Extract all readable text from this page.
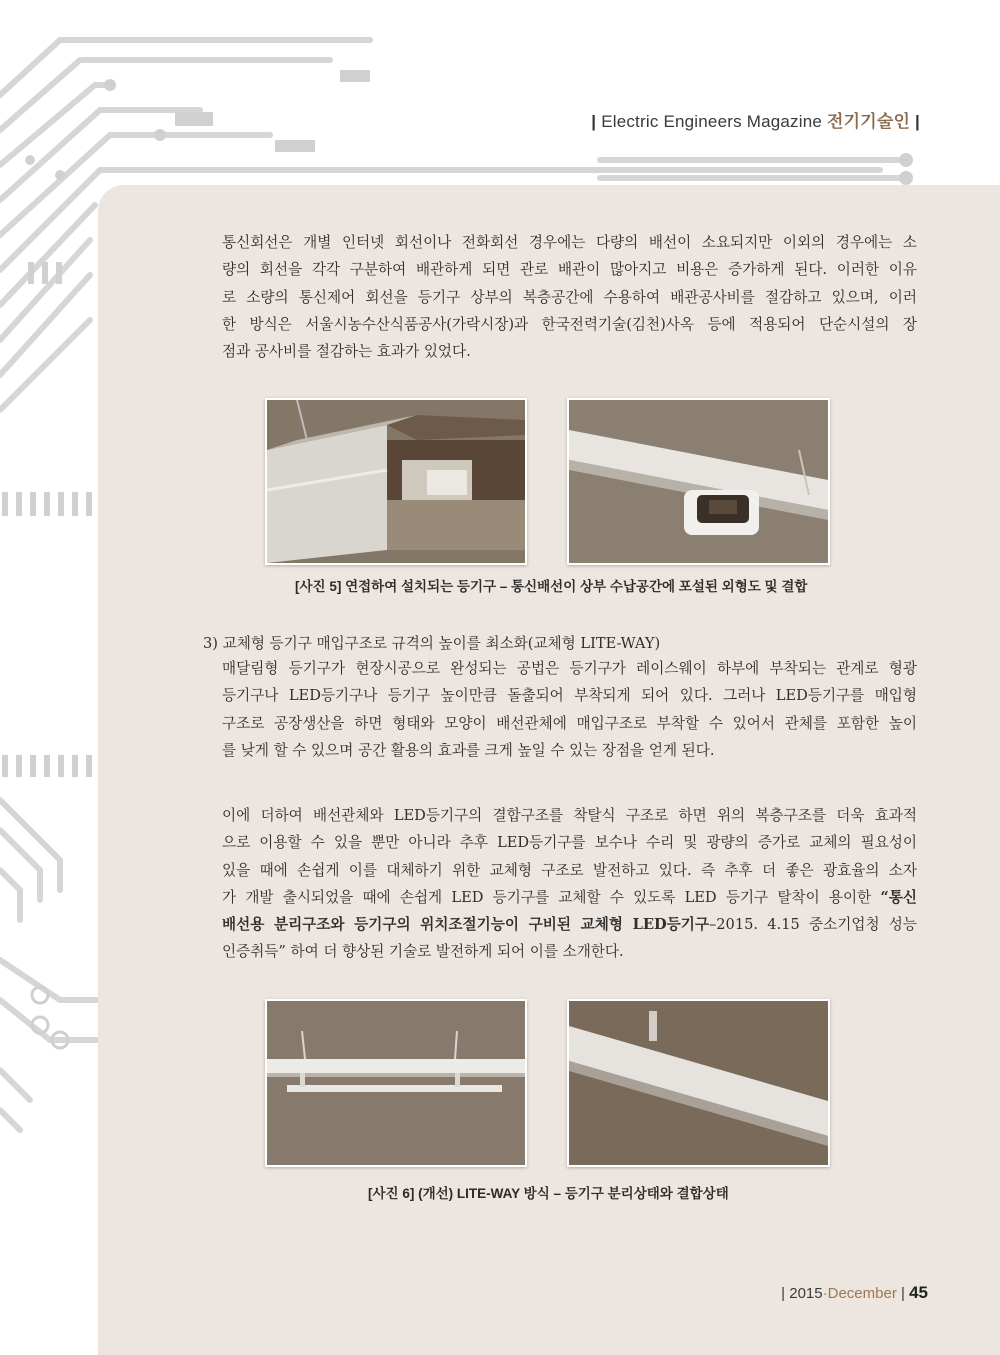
| Electric Engineers Magazine 전기기술인 |
통신회선은 개별 인터넷 회선이나 전화회선 경우에는 다량의 배선이 소요되지만 이외의 경우에는 소
량의 회선을 각각 구분하여 배관하게 되면 관로 배관이 많아지고 비용은 증가하게 된다. 이러한 이유
로 소량의 통신제어 회선을 등기구 상부의 복층공간에 수용하여 배관공사비를 절감하고 있으며, 이러
한 방식은 서울시농수산식품공사(가락시장)과 한국전력기술(김천)사옥 등에 적용되어 단순시설의 장
점과 공사비를 절감하는 효과가 있었다.
[사진 5] 연접하여 설치되는 등기구 – 통신배선이 상부 수납공간에 포설된 외형도 및 결합
3) 교체형 등기구 매입구조로 규격의 높이를 최소화(교체형 LITE-WAY)
매달림형 등기구가 현장시공으로 완성되는 공법은 등기구가 레이스웨이 하부에 부착되는 관계로 형광
등기구나 LED등기구나 등기구 높이만큼 돌출되어 부착되게 되어 있다. 그러나 LED등기구를 매입형
구조로 공장생산을 하면 형태와 모양이 배선관체에 매입구조로 부착할 수 있어서 관체를 포함한 높이
를 낮게 할 수 있으며 공간 활용의 효과를 크게 높일 수 있는 장점을 얻게 된다.
이에 더하여 배선관체와 LED등기구의 결합구조를 착탈식 구조로 하면 위의 복층구조를 더욱 효과적
으로 이용할 수 있을 뿐만 아니라 추후 LED등기구를 보수나 수리 및 광량의 증가로 교체의 필요성이
있을 때에 손쉽게 이를 대체하기 위한 교체형 구조로 발전하고 있다. 즉 추후 더 좋은 광효율의 소자
가 개발 출시되었을 때에 손쉽게 LED 등기구를 교체할 수 있도록 LED 등기구 탈착이 용이한 “통신
배선용 분리구조와 등기구의 위치조절기능이 구비된 교체형 LED등기구–2015. 4.15 중소기업청 성능
인증취득” 하여 더 향상된 기술로 발전하게 되어 이를 소개한다.
[사진 6] (개선) LITE-WAY 방식 – 등기구 분리상태와 결합상태
| 2015·December | 45
